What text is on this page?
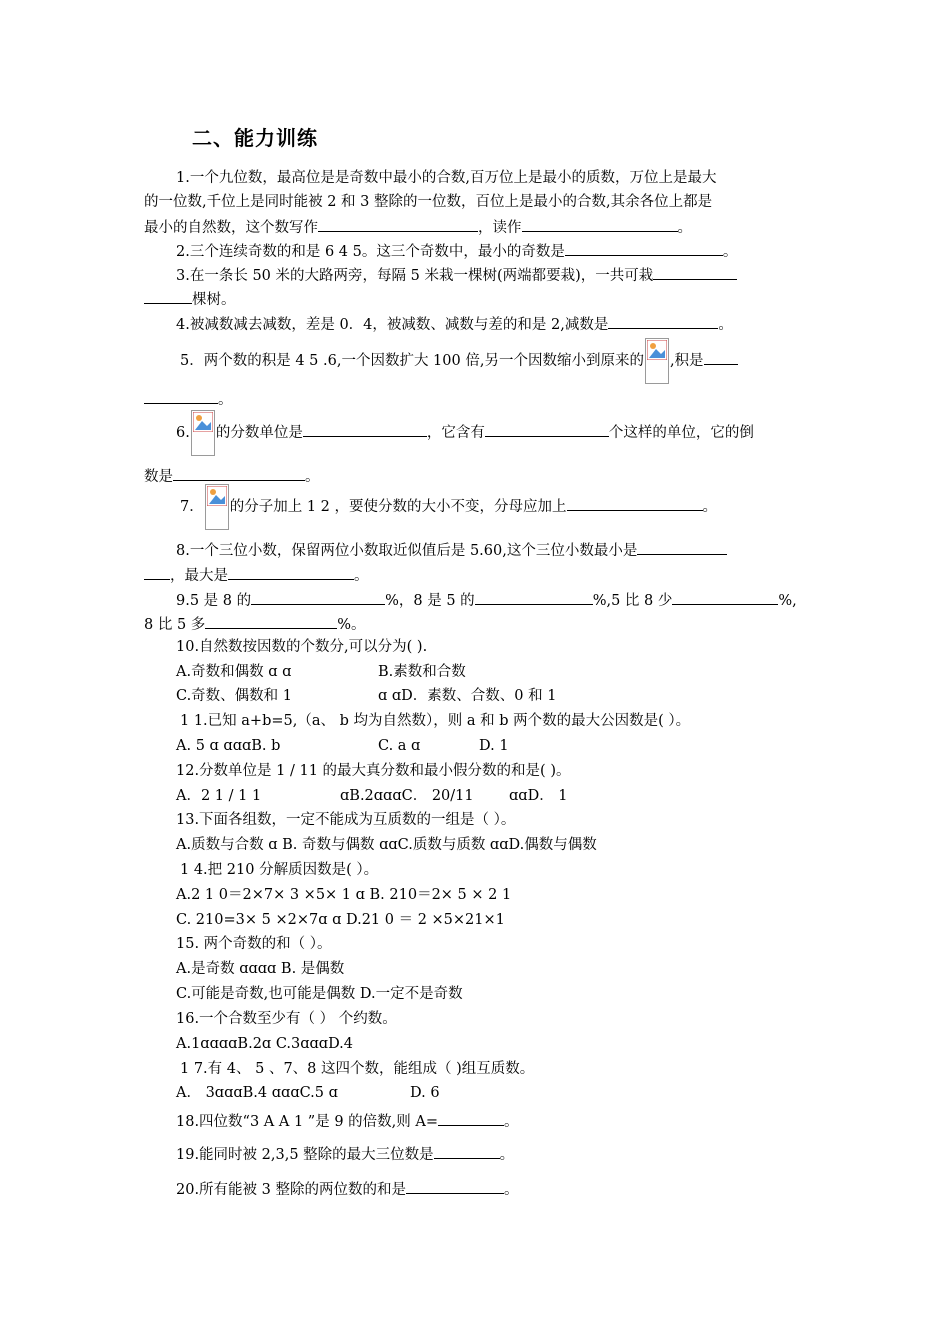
二、能力训练
1.一个九位数，最高位是是奇数中最小的合数,百万位上是最小的质数，万位上是最大
的一位数,千位上是同时能被 2 和 3 整除的一位数，百位上是最小的合数,其余各位上都是
最小的自然数，这个数写作	，读作	。
2.三个连续奇数的和是 6 4 5。这三个奇数中，最小的奇数是	。
3.在一条长 50 米的大路两旁，每隔 5 米栽一棵树(两端都要栽)，一共可栽
棵树。
4.被减数减去减数，差是 0．4，被减数、减数与差的和是 2,减数是	。
5．两个数的积是 4 5 .6,一个因数扩大 100 倍,另一个因数缩小到原来的 ,积是
。
6. 的分数单位是	，它含有	个这样的单位，它的倒
数是	。
7． 的分子加上 1 2 ，要使分数的大小不变，分母应加上	。
8.一个三位小数，保留两位小数取近似值后是 5.60,这个三位小数最小是
，最大是	。
9.5 是 8 的	%，8 是 5 的	%,5 比 8 少	%,
8 比 5 多	%。
10.自然数按因数的个数分,可以分为( ).
A.奇数和偶数 ɑ ɑ	B.素数和合数
C.奇数、偶数和 1	ɑ ɑD．素数、合数、0 和 1
1 1.已知 a+b=5,（a、 b 均为自然数），则 a 和 b 两个数的最大公因数是( ）。
A. 5 ɑ ɑɑɑB. b	C. a ɑ	D. 1
12.分数单位是 1 / 11 的最大真分数和最小假分数的和是( )。
A．2 1 / 1 1	ɑB.2ɑɑɑC． 20/11 ɑɑD． 1
13.下面各组数，一定不能成为互质数的一组是（ ）。
A.质数与合数 ɑ B. 奇数与偶数 ɑɑC.质数与质数 ɑɑD.偶数与偶数
1 4.把 210 分解质因数是( ）。
A.2 1 0＝2×7× 3 ×5× 1 ɑ B. 210＝2× 5 × 2 1
C. 210=3× 5 ×2×7ɑ ɑ D.21 0 ＝ 2 ×5×21×1
15. 两个奇数的和（ ）。
A.是奇数 ɑɑɑɑ B. 是偶数
C.可能是奇数,也可能是偶数 D.一定不是奇数
16.一个合数至少有（ ） 个约数。
A.1ɑɑɑɑB.2ɑ C.3ɑɑɑD.4
1 7.有 4、 5 、7、8 这四个数，能组成（ )组互质数。
A． 3ɑɑɑB.4 ɑɑɑC.5 ɑ	D. 6
18.四位数“3 A A 1 ”是 9 的倍数,则 A=	。
19.能同时被 2,3,5 整除的最大三位数是	。
20.所有能被 3 整除的两位数的和是	。
